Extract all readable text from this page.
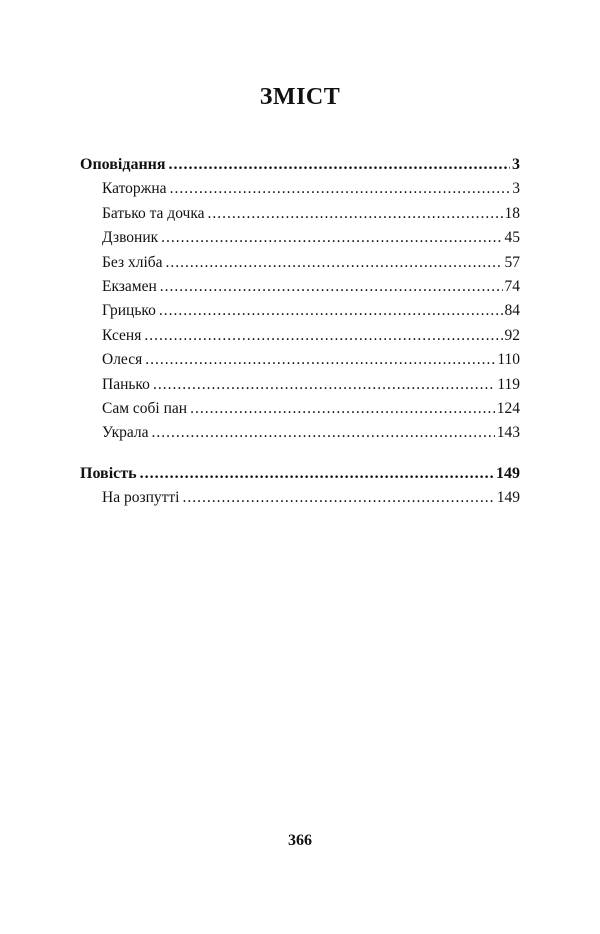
ЗМІСТ
Оповідання .....	3
Каторжна .....	3
Батько та дочка .....	18
Дзвоник .....	45
Без хліба .....	57
Екзамен .....	74
Грицько .....	84
Ксеня .....	92
Олеся .....	110
Панько .....	119
Сам собі пан .....	124
Украла .....	143
Повість .....	149
На розпутті .....	149
366
